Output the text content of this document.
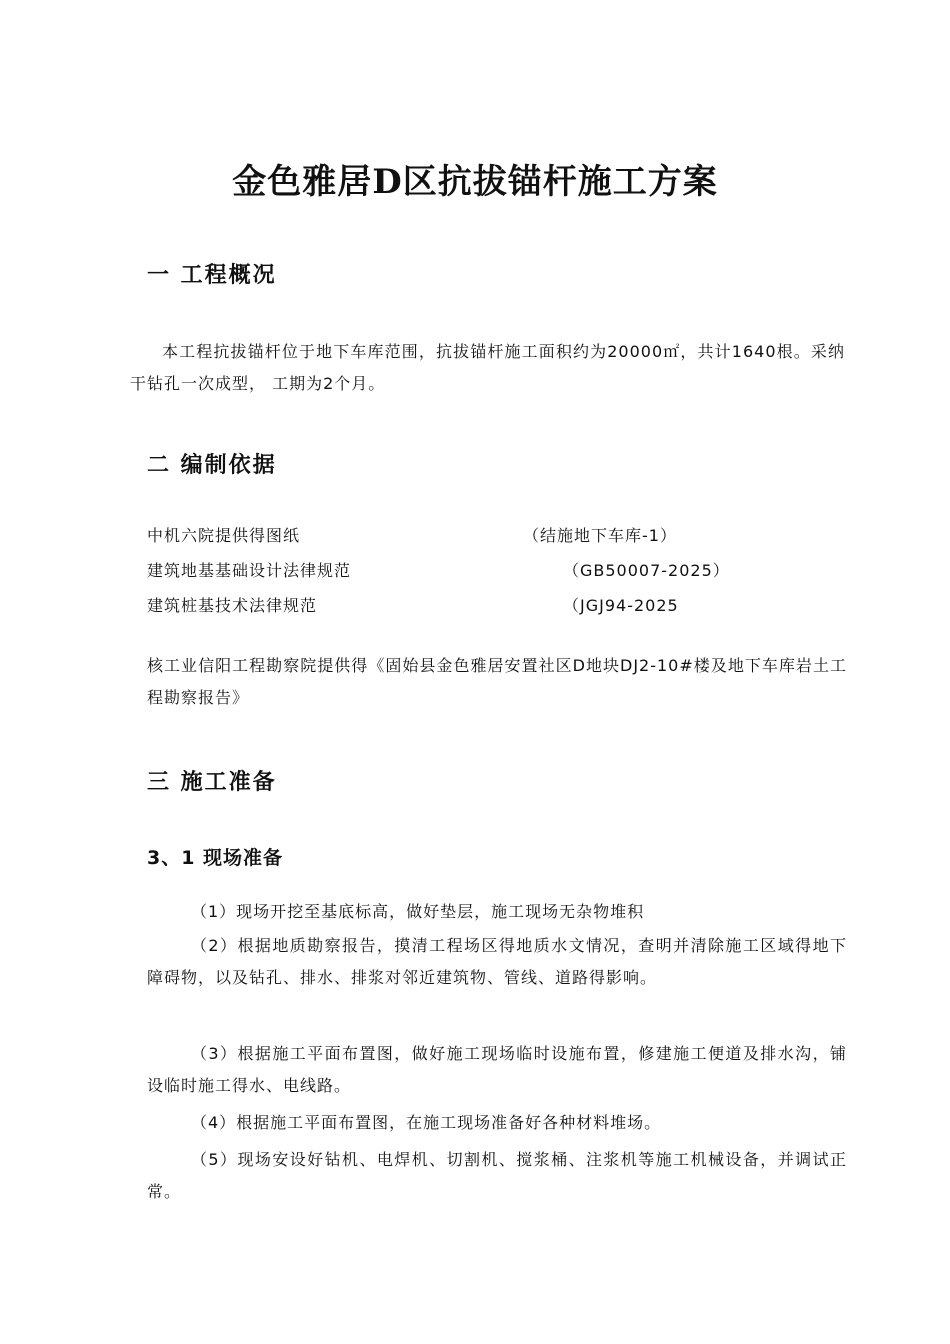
金色雅居D区抗拔锚杆施工方案
一 工程概况
本工程抗拔锚杆位于地下车库范围，抗拔锚杆施工面积约为20000㎡，共计1640根。采纳干钻孔一次成型， 工期为2个月。
二 编制依据
中机六院提供得图纸	（结施地下车库-1）
建筑地基基础设计法律规范	（GB50007-2025）
建筑桩基技术法律规范	（JGJ94-2025
核工业信阳工程勘察院提供得《固始县金色雅居安置社区D地块DJ2-10#楼及地下车库岩土工程勘察报告》
三 施工准备
3、1 现场准备
（1）现场开挖至基底标高，做好垫层，施工现场无杂物堆积
（2）根据地质勘察报告，摸清工程场区得地质水文情况，查明并清除施工区域得地下障碍物，以及钻孔、排水、排浆对邻近建筑物、管线、道路得影响。
（3）根据施工平面布置图，做好施工现场临时设施布置，修建施工便道及排水沟，铺设临时施工得水、电线路。
（4）根据施工平面布置图，在施工现场准备好各种材料堆场。
（5）现场安设好钻机、电焊机、切割机、搅浆桶、注浆机等施工机械设备，并调试正常。
